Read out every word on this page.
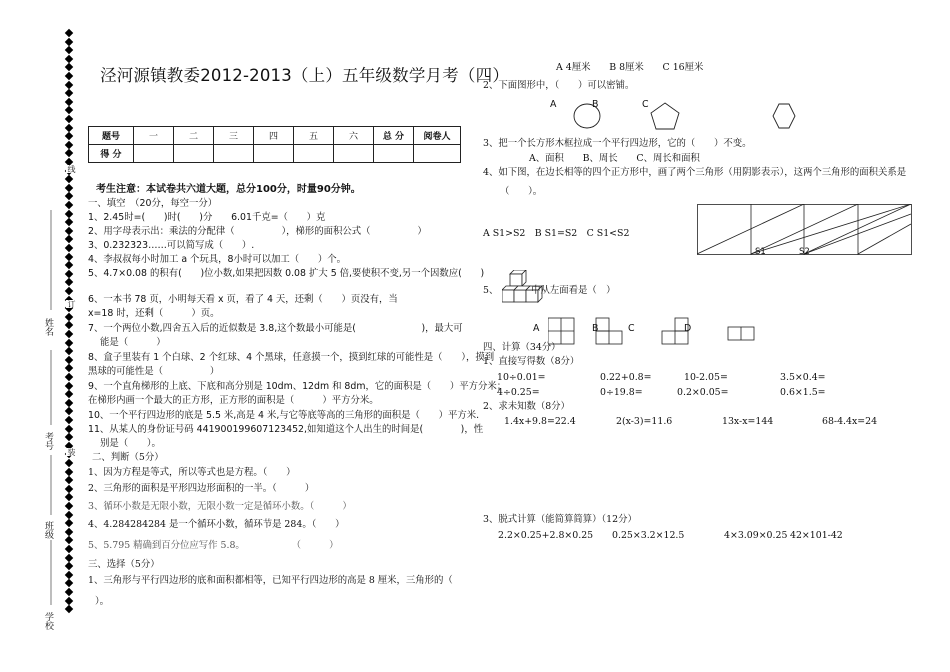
姓名
考号
班级
学校
线
订
装
泾河源镇教委2012-2013（上）五年级数学月考（四）
题号	一	二	三	四	五	六	总 分	阅卷人
得 分								
考生注意：本试卷共六道大题，总分100分，时量90分钟。
一、填空　（20分，每空一分）
1、2.45时=(　　)时(　　)分　　6.01千克=（　　）克
2、用字母表示出：乘法的分配律（　　　　　），梯形的面积公式（　　　　　）
3、0.232323……可以简写成（　　）.
4、李叔叔每小时加工 a 个玩具，8小时可以加工（　　）个。
5、4.7×0.08 的积有(　　)位小数,如果把因数 0.08 扩大 5 倍,要使积不变,另一个因数应(　　)
6、一本书 78 页，小明每天看 x 页，看了 4 天，还剩（　　）页没有，当
x=18 时，还剩（　　　）页。
7、一个两位小数,四舍五入后的近似数是 3.8,这个数最小可能是(　　　　　　　)，最大可
能是（　　　）
8、盒子里装有 1 个白球、2 个红球、4 个黑球，任意摸一个，摸到红球的可能性是（　　），摸到
黑球的可能性是（　　　　　）
9、一个直角梯形的上底、下底和高分别是 10dm、12dm 和 8dm，它的面积是（　　）平方分米；
在梯形内画一个最大的正方形，正方形的面积是（　　　）平方分米。
10、一个平行四边形的底是 5.5 米,高是 4 米,与它等底等高的三角形的面积是（　　）平方米.
11、从某人的身份证号码 441900199607123452,如知道这个人出生的时间是(　　　　)，性
别是（　　）。
二、判断（5分）
1、因为方程是等式，所以等式也是方程。（　　）
2、三角形的面积是平形四边形面积的一半。（　　　）
3、循环小数是无限小数，无限小数一定是循环小数。（　　　）
4、4.284284284 是一个循环小数，循环节是 284。（　　）
5、5.795 精确到百分位应写作 5.8。　　　　　　（　　　）
三、选择（5分）
1、三角形与平行四边形的底和面积都相等，已知平行四边形的高是 8 厘米，三角形的（
）。
A 4厘米　　B 8厘米　　C 16厘米
2、下面图形中，（　　）可以密铺。
A	B	C
3、把一个长方形木框拉成一个平行四边形，它的（　　）不变。
A、面积　　B、周长　　C、周长和面积
4、如下图，在边长相等的四个正方形中，画了两个三角形（用阴影表示），这两个三角形的面积关系是
（　　）。
A S1>S2　B S1=S2　C S1<S2
S1	S2
5、　　　　中从左面看是（　）
A	B	C	D
四、计算（34分）
1、直接写得数（8分）
10÷0.01=	0.22+0.8=	10-2.05=	3.5×0.4=
4÷0.25=	0÷19.8=	0.2×0.05=	0.6×1.5=
2、求未知数（8分）
1.4x+9.8=22.4	2(x-3)=11.6	13x-x=144	68-4.4x=24
3、脱式计算（能简算简算）（12分）
2.2×0.25+2.8×0.25 0.25×3.2×12.5	4×3.09×0.25 42×101-42
